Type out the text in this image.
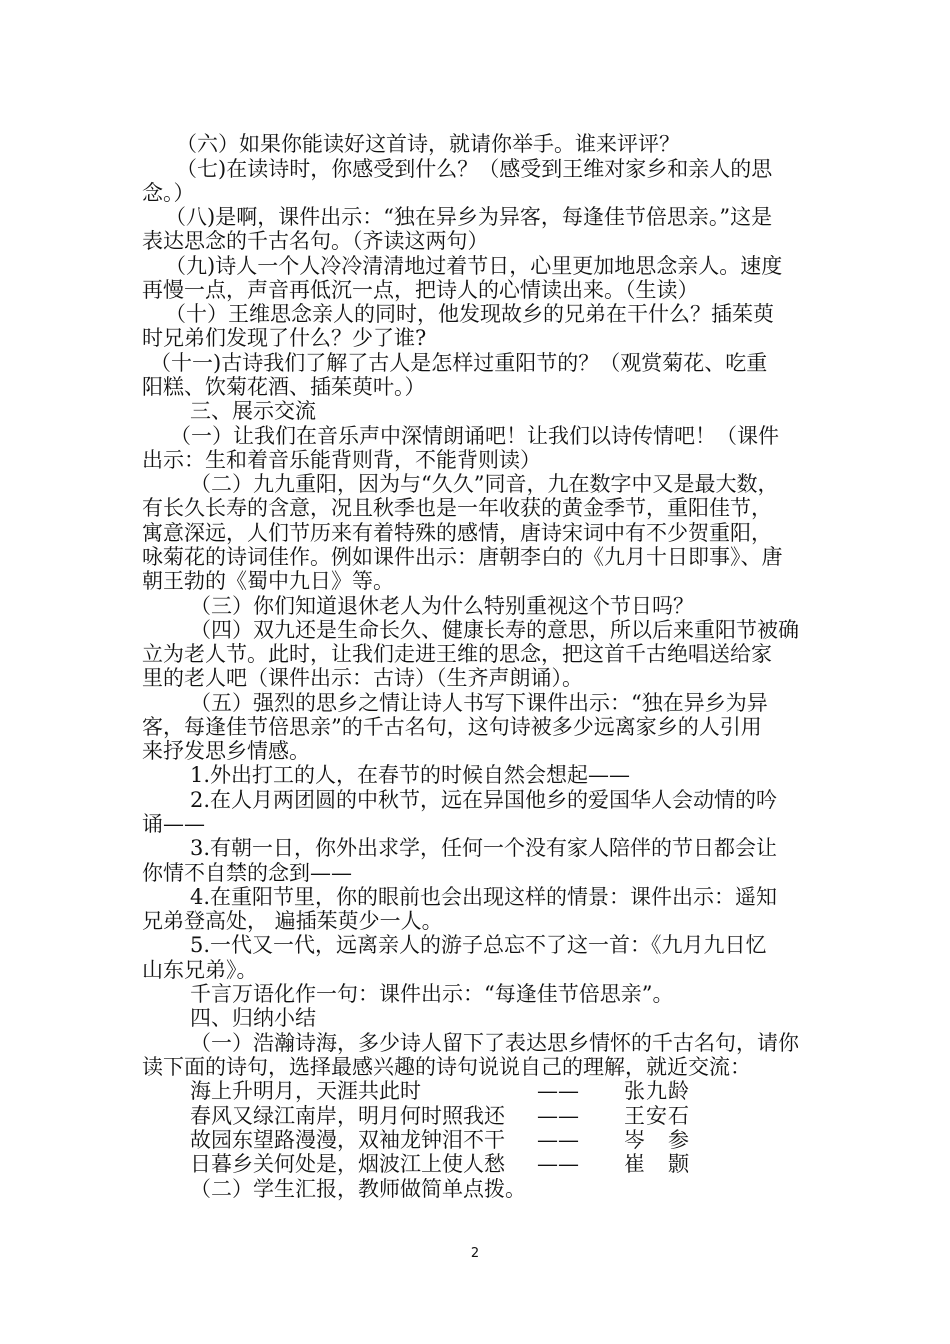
（六）如果你能读好这首诗，就请你举手。谁来评评？
（七)在读诗时，你感受到什么？（感受到王维对家乡和亲人的思
念。）
（八)是啊，课件出示：“独在异乡为异客，每逢佳节倍思亲。”这是
表达思念的千古名句。（齐读这两句）
（九)诗人一个人冷冷清清地过着节日，心里更加地思念亲人。速度
再慢一点，声音再低沉一点，把诗人的心情读出来。（生读）
（十）王维思念亲人的同时，他发现故乡的兄弟在干什么？插茱萸
时兄弟们发现了什么？少了谁?
（十一)古诗我们了解了古人是怎样过重阳节的？（观赏菊花、吃重
阳糕、饮菊花酒、插茱萸叶。）
三、展示交流
（一）让我们在音乐声中深情朗诵吧！让我们以诗传情吧！（课件
出示：生和着音乐能背则背，不能背则读）
（二）九九重阳，因为与“久久”同音，九在数字中又是最大数，
有长久长寿的含意，况且秋季也是一年收获的黄金季节，重阳佳节，
寓意深远，人们节历来有着特殊的感情，唐诗宋词中有不少贺重阳，
咏菊花的诗词佳作。例如课件出示：唐朝李白的《九月十日即事》、唐
朝王勃的《蜀中九日》等。
（三）你们知道退休老人为什么特别重视这个节日吗？
（四）双九还是生命长久、健康长寿的意思，所以后来重阳节被确
立为老人节。此时，让我们走进王维的思念，把这首千古绝唱送给家
里的老人吧（课件出示：古诗）（生齐声朗诵）。
（五）强烈的思乡之情让诗人书写下课件出示：“独在异乡为异
客，每逢佳节倍思亲”的千古名句，这句诗被多少远离家乡的人引用
来抒发思乡情感。
1.外出打工的人，在春节的时候自然会想起——
2.在人月两团圆的中秋节，远在异国他乡的爱国华人会动情的吟
诵——
3.有朝一日，你外出求学，任何一个没有家人陪伴的节日都会让
你情不自禁的念到——
4.在重阳节里，你的眼前也会出现这样的情景：课件出示：遥知
兄弟登高处， 遍插茱萸少一人。
5.一代又一代，远离亲人的游子总忘不了这一首：《九月九日忆
山东兄弟》。
千言万语化作一句：课件出示：“每逢佳节倍思亲”。
四、归纳小结
（一）浩瀚诗海，多少诗人留下了表达思乡情怀的千古名句，请你
读下面的诗句，选择最感兴趣的诗句说说自己的理解，就近交流：
海上升明月，天涯共此时	—— 张九龄
春风又绿江南岸，明月何时照我还 —— 王安石
故园东望路漫漫，双袖龙钟泪不干 —— 岑　参
日暮乡关何处是，烟波江上使人愁 —— 崔　颢
（二）学生汇报，教师做简单点拨。
2
